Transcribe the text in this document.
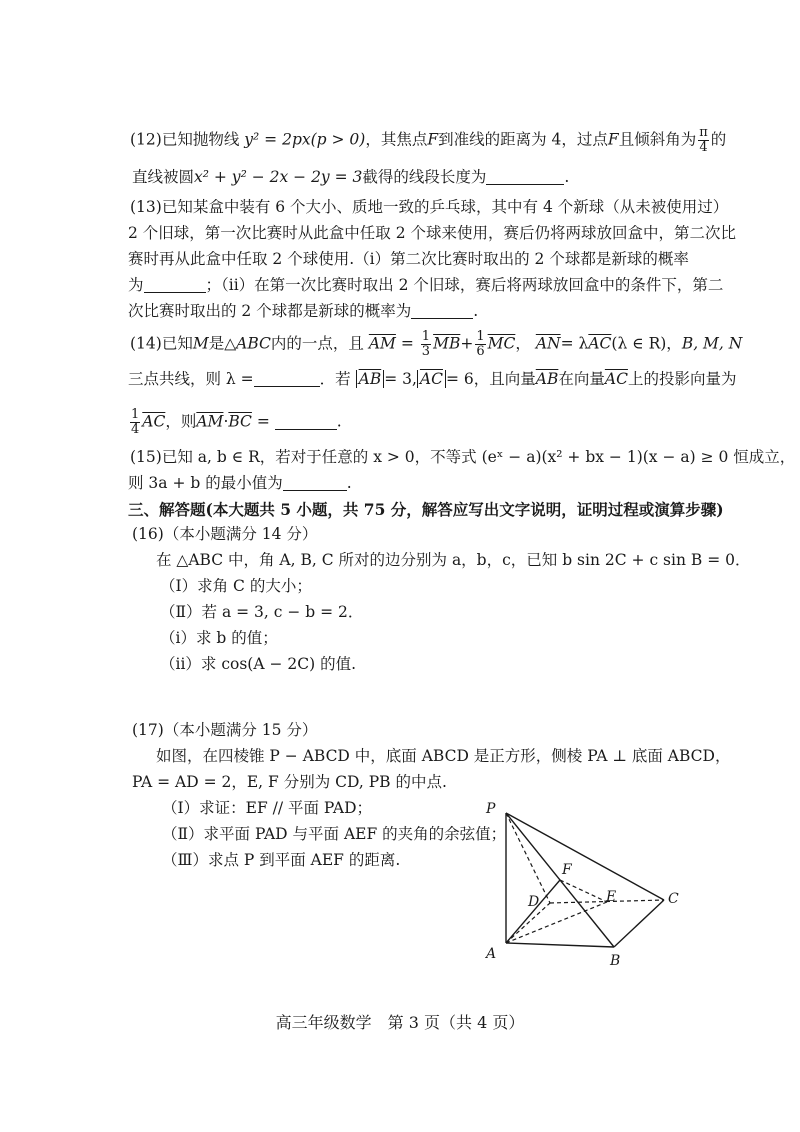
(12)已知抛物线 y² = 2px(p > 0)，其焦点F到准线的距离为 4，过点F且倾斜角为 $\frac{\pi}{4}$ 的
直线被圆x² + y² − 2x − 2y = 3截得的线段长度为	.
(13)已知某盒中装有 6 个大小、质地一致的乒乓球，其中有 4 个新球（从未被使用过）
2 个旧球，第一次比赛时从此盒中任取 2 个球来使用，赛后仍将两球放回盒中，第二次比
赛时再从此盒中任取 2 个球使用.（i）第二次比赛时取出的 2 个球都是新球的概率
为	；（ii）在第一次比赛时取出 2 个旧球，赛后将两球放回盒中的条件下，第二
次比赛时取出的 2 个球都是新球的概率为	.
(14)已知M是△ABC内的一点，且 $\overline{AM} = \frac{1}{3} \overline{MB}+ \frac{1}{6} \overline{MC}$， $\overline{AN}= \lambda\overline{AC}(\lambda$ ∈ R)，B, M, N
三点共线，则 λ =	．若 $\overline{AB} = 3$, $\overline{AC} = 6$，且向量$\overline{AB}$在向量$\overline{AC}$上的投影向量为
$\frac{1}{4} \overline{AC}$，则$\overline{AM}\cdot\overline{BC}$ =	.
(15)已知 a, b ∈ R，若对于任意的 x > 0，不等式 (eˣ − a)(x² + bx − 1)(x − a) ≥ 0 恒成立，
则 3a + b 的最小值为	.
三、解答题(本大题共 5 小题，共 75 分，解答应写出文字说明，证明过程或演算步骤)
(16)（本小题满分 14 分）
在 △ABC 中，角 A, B, C 所对的边分别为 a，b，c，已知 b sin 2C + c sin B = 0．
（Ⅰ）求角 C 的大小；
（Ⅱ）若 a = 3, c − b = 2．
（i）求 b 的值；
（ii）求 cos(A − 2C) 的值.
(17)（本小题满分 15 分）
如图，在四棱锥 P − ABCD 中，底面 ABCD 是正方形，侧棱 PA ⊥ 底面 ABCD，
PA = AD = 2，E, F 分别为 CD, PB 的中点.
（Ⅰ）求证：EF // 平面 PAD；
（Ⅱ）求平面 PAD 与平面 AEF 的夹角的余弦值；
（Ⅲ）求点 P 到平面 AEF 的距离.
P
A	B
C
D	E
F
高三年级数学　第 3 页（共 4 页）
